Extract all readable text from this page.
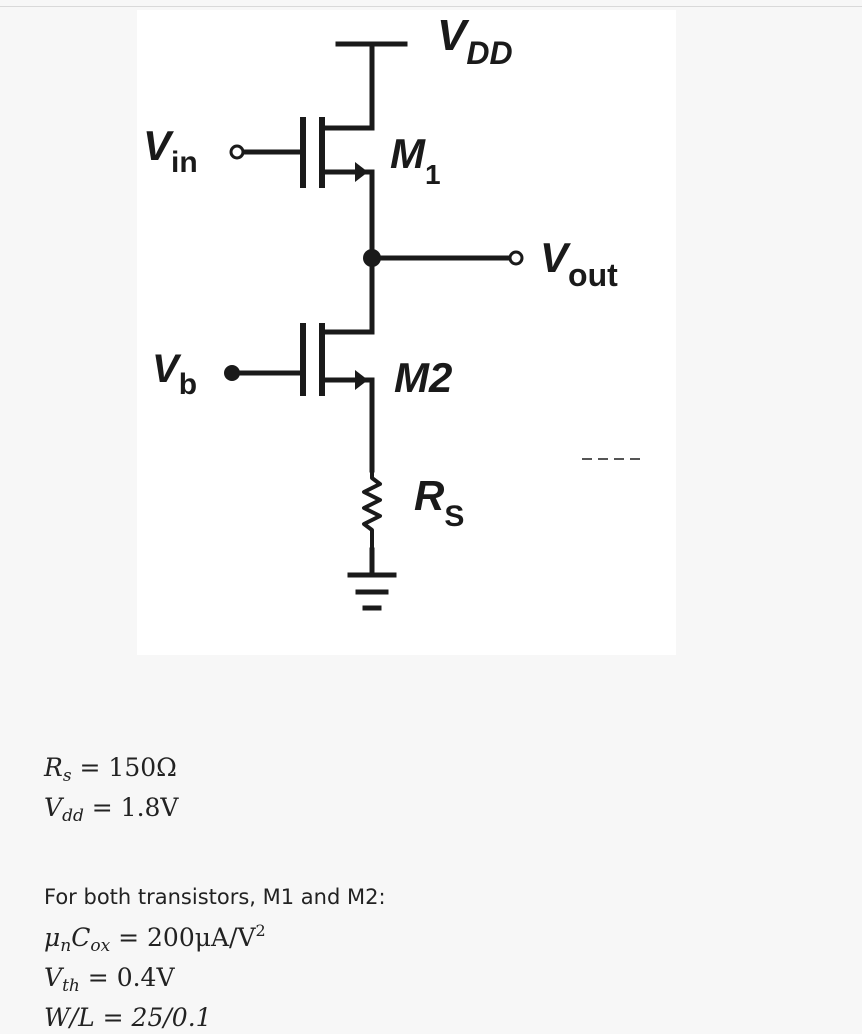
$V_{DD}$
$V_{in}$	$M_1$
$V_{out}$
$V_b$	M2
$R_S$
$R_s = 150\Omega$
$V_{dd} = 1.8V$
For both transistors, M1 and M2:
$\mu_nC_{ox} = 200\mu A/V^2$
$V_{th} = 0.4V$
W/L = 25/0.1
